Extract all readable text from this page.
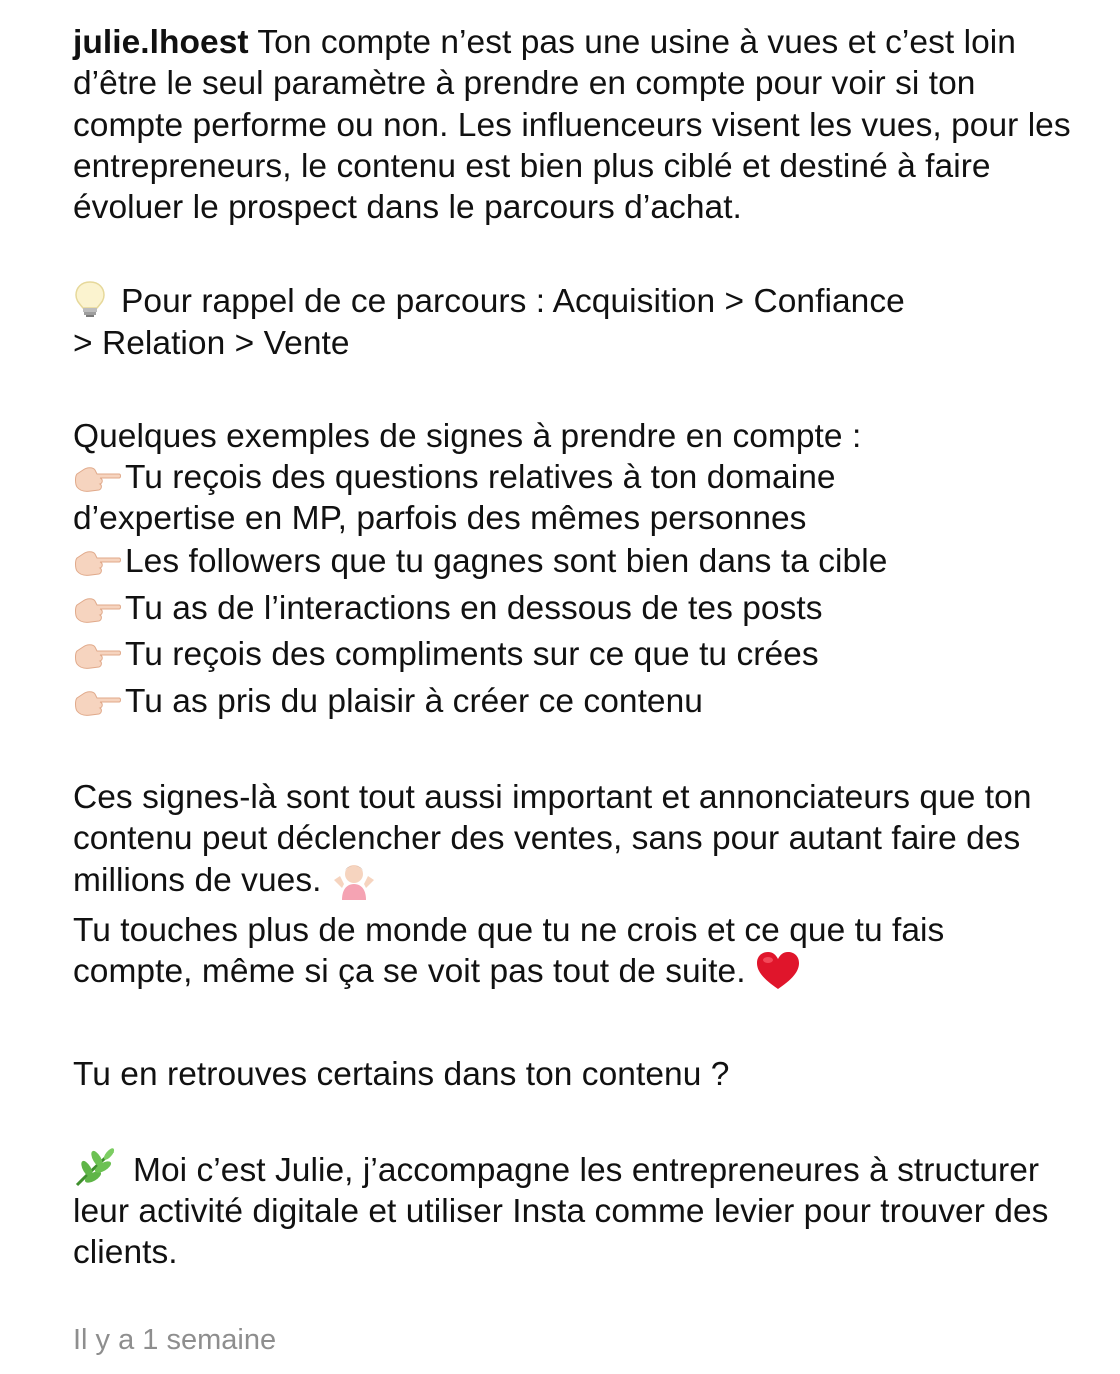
julie.lhoest Ton compte n’est pas une usine à vues et c’est loin d’être le seul paramètre à prendre en compte pour voir si ton compte performe ou non. Les influenceurs visent les vues, pour les entrepreneurs, le contenu est bien plus ciblé et destiné à faire évoluer le prospect dans le parcours d’achat.

Pour rappel de ce parcours : Acquisition > Confiance
> Relation > Vente

Quelques exemples de signes à prendre en compte :
Tu reçois des questions relatives à ton domaine
d’expertise en MP, parfois des mêmes personnes
Les followers que tu gagnes sont bien dans ta cible
Tu as de l’interactions en dessous de tes posts
Tu reçois des compliments sur ce que tu crées
Tu as pris du plaisir à créer ce contenu

Ces signes-là sont tout aussi important et annonciateurs que ton contenu peut déclencher des ventes, sans pour autant faire des millions de vues.
Tu touches plus de monde que tu ne crois et ce que tu fais compte, même si ça se voit pas tout de suite.

Tu en retrouves certains dans ton contenu ?

Moi c’est Julie, j’accompagne les entrepreneures à structurer leur activité digitale et utiliser Insta comme levier pour trouver des clients.

Il y a 1 semaine
